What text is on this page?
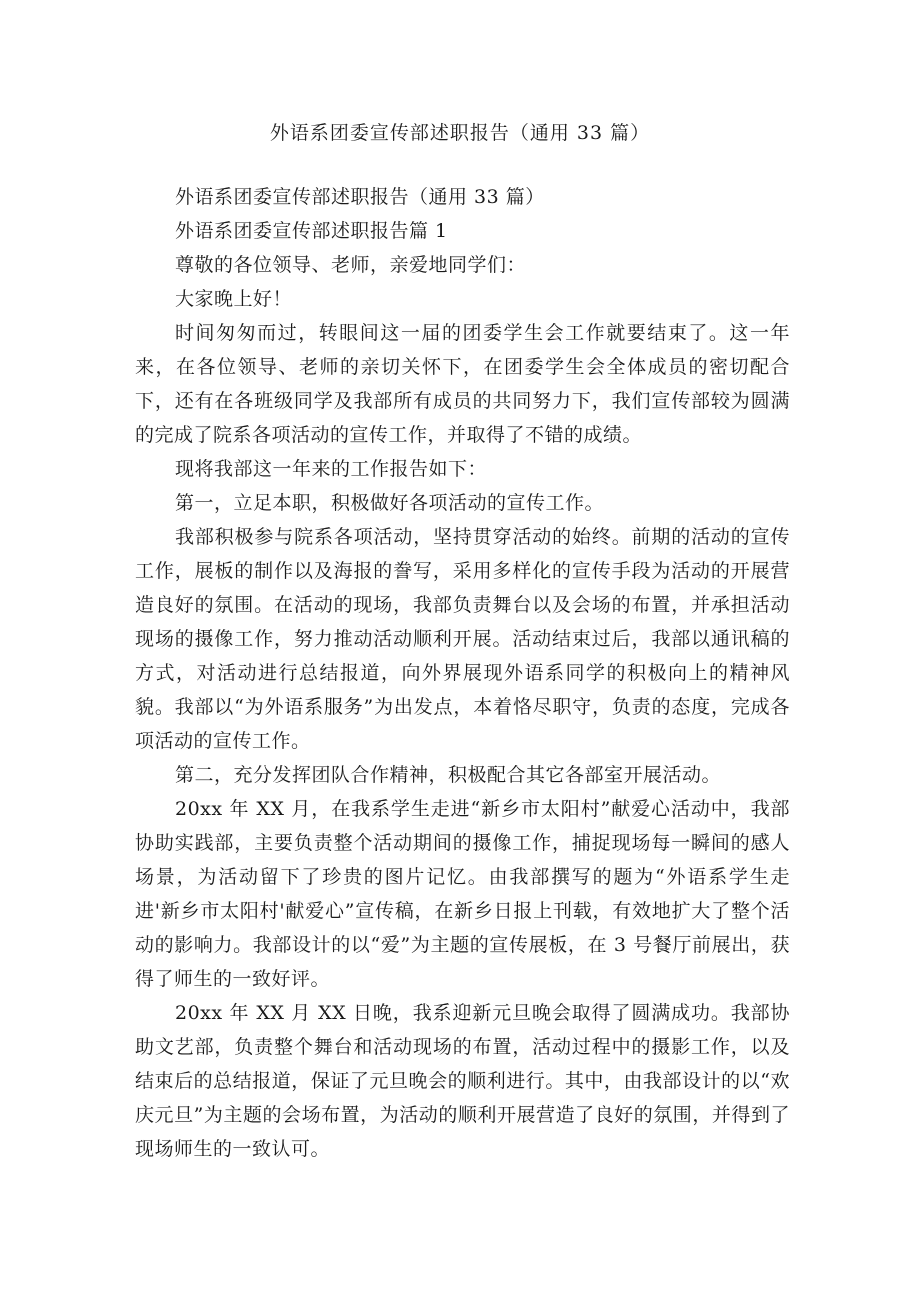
外语系团委宣传部述职报告（通用 33 篇）

外语系团委宣传部述职报告（通用 33 篇）

外语系团委宣传部述职报告篇 1

尊敬的各位领导、老师，亲爱地同学们：

大家晚上好！

时间匆匆而过，转眼间这一届的团委学生会工作就要结束了。这一年来，在各位领导、老师的亲切关怀下，在团委学生会全体成员的密切配合下，还有在各班级同学及我部所有成员的共同努力下，我们宣传部较为圆满的完成了院系各项活动的宣传工作，并取得了不错的成绩。

现将我部这一年来的工作报告如下：

第一，立足本职，积极做好各项活动的宣传工作。

我部积极参与院系各项活动，坚持贯穿活动的始终。前期的活动的宣传工作，展板的制作以及海报的誊写，采用多样化的宣传手段为活动的开展营造良好的氛围。在活动的现场，我部负责舞台以及会场的布置，并承担活动现场的摄像工作，努力推动活动顺利开展。活动结束过后，我部以通讯稿的方式，对活动进行总结报道，向外界展现外语系同学的积极向上的精神风貌。我部以“为外语系服务”为出发点，本着恪尽职守，负责的态度，完成各项活动的宣传工作。

第二，充分发挥团队合作精神，积极配合其它各部室开展活动。

20xx 年 XX 月，在我系学生走进“新乡市太阳村”献爱心活动中，我部协助实践部，主要负责整个活动期间的摄像工作，捕捉现场每一瞬间的感人场景，为活动留下了珍贵的图片记忆。由我部撰写的题为“外语系学生走进'新乡市太阳村'献爱心”宣传稿，在新乡日报上刊载，有效地扩大了整个活动的影响力。我部设计的以“爱”为主题的宣传展板，在 3 号餐厅前展出，获得了师生的一致好评。

20xx 年 XX 月 XX 日晚，我系迎新元旦晚会取得了圆满成功。我部协助文艺部，负责整个舞台和活动现场的布置，活动过程中的摄影工作，以及结束后的总结报道，保证了元旦晚会的顺利进行。其中，由我部设计的以“欢庆元旦”为主题的会场布置，为活动的顺利开展营造了良好的氛围，并得到了现场师生的一致认可。
